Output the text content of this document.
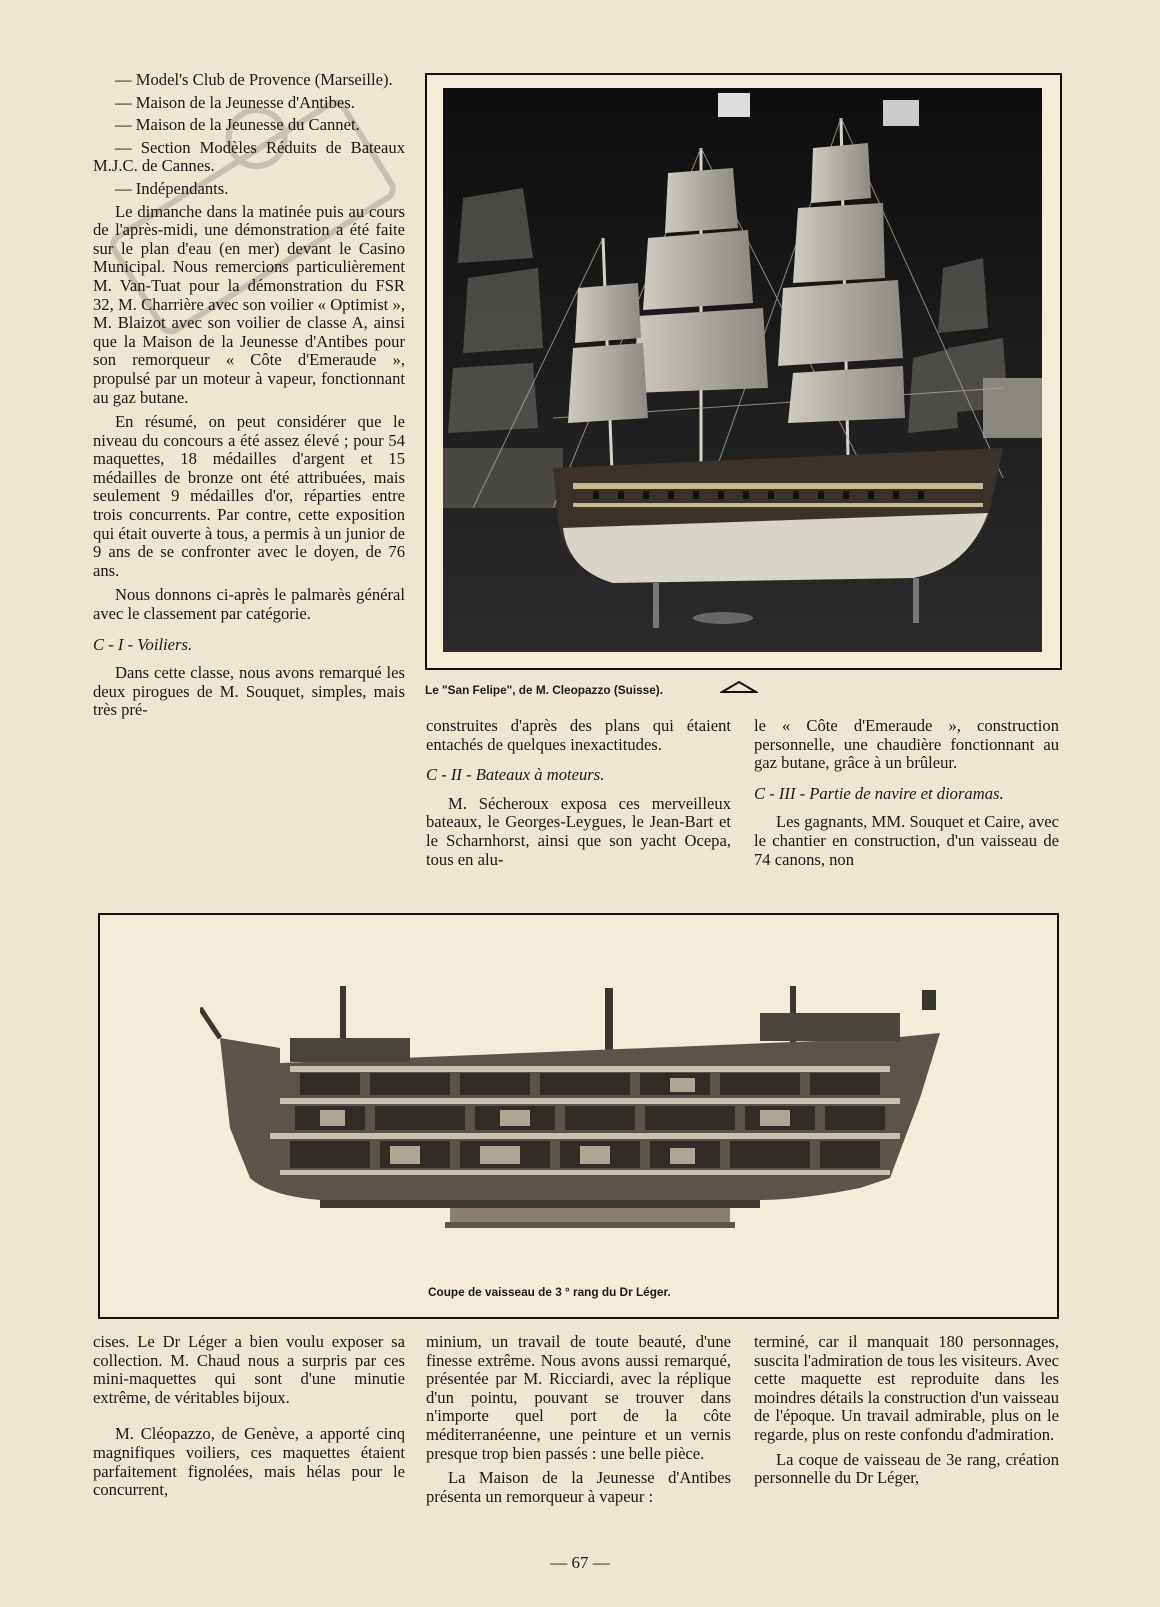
— Model's Club de Provence (Marseille).

— Maison de la Jeunesse d'Antibes.

— Maison de la Jeunesse du Cannet.

— Section Modèles Réduits de Bateaux M.J.C. de Cannes.

— Indépendants.

Le dimanche dans la matinée puis au cours de l'après-midi, une démonstration a été faite sur le plan d'eau (en mer) devant le Casino Municipal. Nous remercions particulièrement M. Van-Tuat pour la démonstration du FSR 32, M. Charrière avec son voilier « Optimist », M. Blaizot avec son voilier de classe A, ainsi que la Maison de la Jeunesse d'Antibes pour son remorqueur « Côte d'Emeraude », propulsé par un moteur à vapeur, fonctionnant au gaz butane.

En résumé, on peut considérer que le niveau du concours a été assez élevé ; pour 54 maquettes, 18 médailles d'argent et 15 médailles de bronze ont été attribuées, mais seulement 9 médailles d'or, réparties entre trois concurrents. Par contre, cette exposition qui était ouverte à tous, a permis à un junior de 9 ans de se confronter avec le doyen, de 76 ans.

Nous donnons ci-après le palmarès général avec le classement par catégorie.

C - I - Voiliers.

Dans cette classe, nous avons remarqué les deux pirogues de M. Souquet, simples, mais très pré-

Le "San Felipe", de M. Cleopazzo (Suisse).

construites d'après des plans qui étaient entachés de quelques inexactitudes.

C - II - Bateaux à moteurs.

M. Sécheroux exposa ces merveilleux bateaux, le Georges-Leygues, le Jean-Bart et le Scharnhorst, ainsi que son yacht Ocepa, tous en alu-

le « Côte d'Emeraude », construction personnelle, une chaudière fonctionnant au gaz butane, grâce à un brûleur.

C - III - Partie de navire et dioramas.

Les gagnants, MM. Souquet et Caire, avec le chantier en construction, d'un vaisseau de 74 canons, non

Coupe de vaisseau de 3 ° rang du Dr Léger.

cises. Le Dr Léger a bien voulu exposer sa collection. M. Chaud nous a surpris par ces mini-maquettes qui sont d'une minutie extrême, de véritables bijoux.

M. Cléopazzo, de Genève, a apporté cinq magnifiques voiliers, ces maquettes étaient parfaitement fignolées, mais hélas pour le concurrent,

minium, un travail de toute beauté, d'une finesse extrême. Nous avons aussi remarqué, présentée par M. Ricciardi, avec la réplique d'un pointu, pouvant se trouver dans n'importe quel port de la côte méditerranéenne, une peinture et un vernis presque trop bien passés : une belle pièce.

La Maison de la Jeunesse d'Antibes présenta un remorqueur à vapeur :

terminé, car il manquait 180 personnages, suscita l'admiration de tous les visiteurs. Avec cette maquette est reproduite dans les moindres détails la construction d'un vaisseau de l'époque. Un travail admirable, plus on le regarde, plus on reste confondu d'admiration.

La coque de vaisseau de 3e rang, création personnelle du Dr Léger,

— 67 —
